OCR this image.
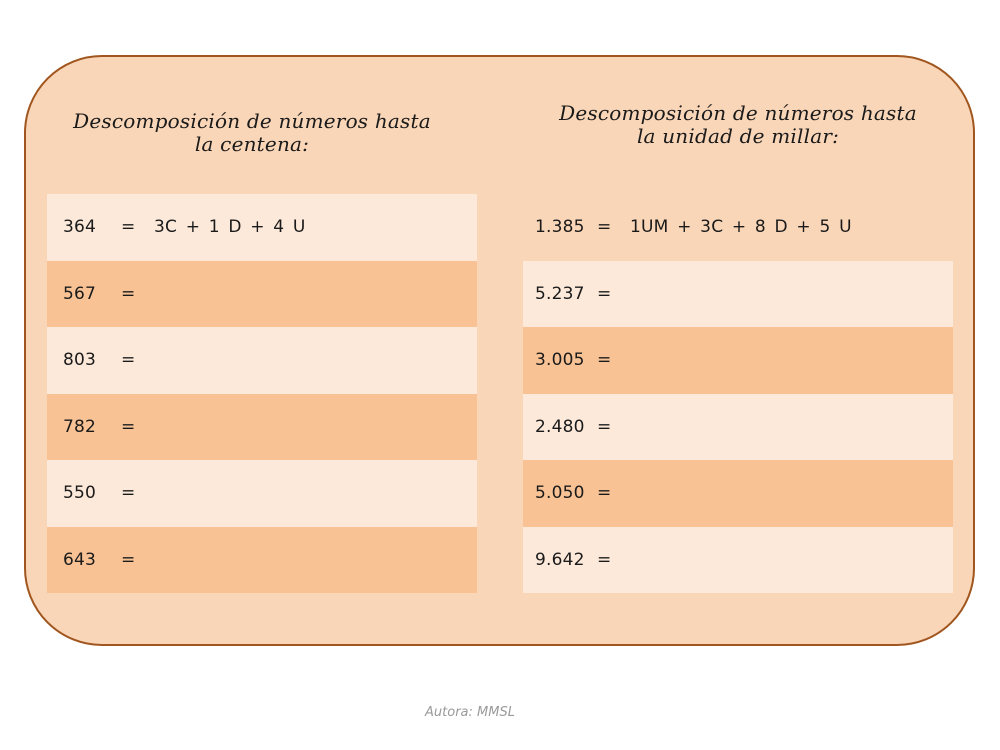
Descomposición de números hasta
la centena:
Descomposición de números hasta
la unidad de millar:
364	=	3C + 1 D + 4 U
567	=
803	=
782	=
550	=
643	=
1.385 =	1UM + 3C + 8 D + 5 U
5.237 =
3.005 =
2.480 =
5.050 =
9.642 =
Autora: MMSL
